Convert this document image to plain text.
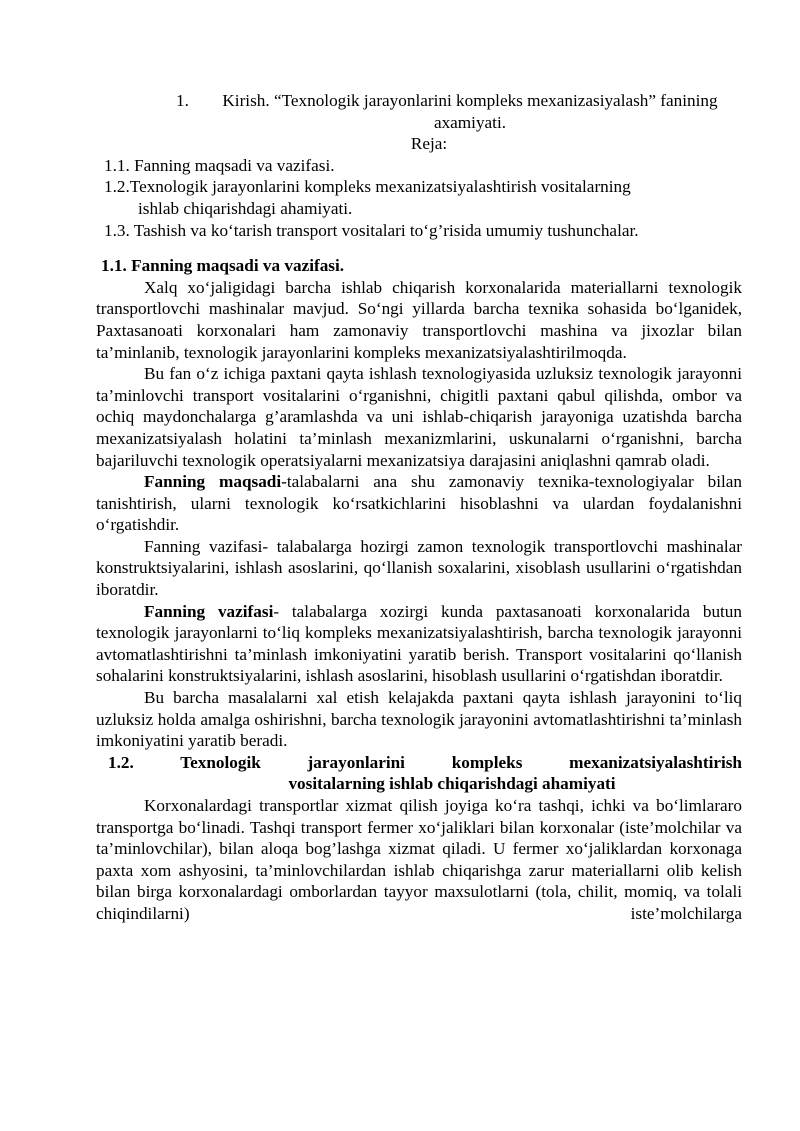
1.	Kirish. “Texnologik jarayonlarini kompleks mexanizasiyalash” fanining
axamiyati.
Reja:
1.1. Fanning maqsadi va vazifasi.
1.2.Texnologik jarayonlarini kompleks mexanizatsiyalashtirish vositalarning
ishlab chiqarishdagi ahamiyati.
1.3. Tashish va ko‘tarish transport vositalari to‘g’risida umumiy tushunchalar.
1.1. Fanning maqsadi va vazifasi.

Xalq xo‘jaligidagi barcha ishlab chiqarish korxonalarida materiallarni texnologik transportlovchi mashinalar mavjud. So‘ngi yillarda barcha texnika sohasida bo‘lganidek, Paxtasanoati korxonalari ham zamonaviy transportlovchi mashina va jixozlar bilan ta’minlanib, texnologik jarayonlarini kompleks mexanizatsiyalashtirilmoqda.

Bu fan o‘z ichiga paxtani qayta ishlash texnologiyasida uzluksiz texnologik jarayonni ta’minlovchi transport vositalarini o‘rganishni, chigitli paxtani qabul qilishda, ombor va ochiq maydonchalarga g’aramlashda va uni ishlab-chiqarish jarayoniga uzatishda barcha mexanizatsiyalash holatini ta’minlash mexanizmlarini, uskunalarni o‘rganishni, barcha bajariluvchi texnologik operatsiyalarni mexanizatsiya darajasini aniqlashni qamrab oladi.

Fanning maqsadi-talabalarni ana shu zamonaviy texnika-texnologiyalar bilan tanishtirish, ularni texnologik ko‘rsatkichlarini hisoblashni va ulardan foydalanishni o‘rgatishdir.

Fanning vazifasi- talabalarga hozirgi zamon texnologik transportlovchi mashinalar konstruktsiyalarini, ishlash asoslarini, qo‘llanish soxalarini, xisoblash usullarini o‘rgatishdan iboratdir.

Fanning vazifasi- talabalarga xozirgi kunda paxtasanoati korxonalarida butun texnologik jarayonlarni to‘liq kompleks mexanizatsiyalashtirish, barcha texnologik jarayonni avtomatlashtirishni ta’minlash imkoniyatini yaratib berish. Transport vositalarini qo‘llanish sohalarini konstruktsiyalarini, ishlash asoslarini, hisoblash usullarini o‘rgatishdan iboratdir.

Bu barcha masalalarni xal etish kelajakda paxtani qayta ishlash jarayonini to‘liq uzluksiz holda amalga oshirishni, barcha texnologik jarayonini avtomatlashtirishni ta’minlash imkoniyatini yaratib beradi.

1.2. Texnologik jarayonlarini kompleks mexanizatsiyalashtirish
vositalarning ishlab chiqarishdagi ahamiyati

Korxonalardagi transportlar xizmat qilish joyiga ko‘ra tashqi, ichki va bo‘limlararo transportga bo‘linadi. Tashqi transport fermer xo‘jaliklari bilan korxonalar (iste’molchilar va ta’minlovchilar), bilan aloqa bog’lashga xizmat qiladi. U fermer xo‘jaliklardan korxonaga paxta xom ashyosini, ta’minlovchilardan ishlab chiqarishga zarur materiallarni olib kelish bilan birga korxonalardagi omborlardan tayyor maxsulotlarni (tola, chilit, momiq, va tolali chiqindilarni) iste’molchilarga
